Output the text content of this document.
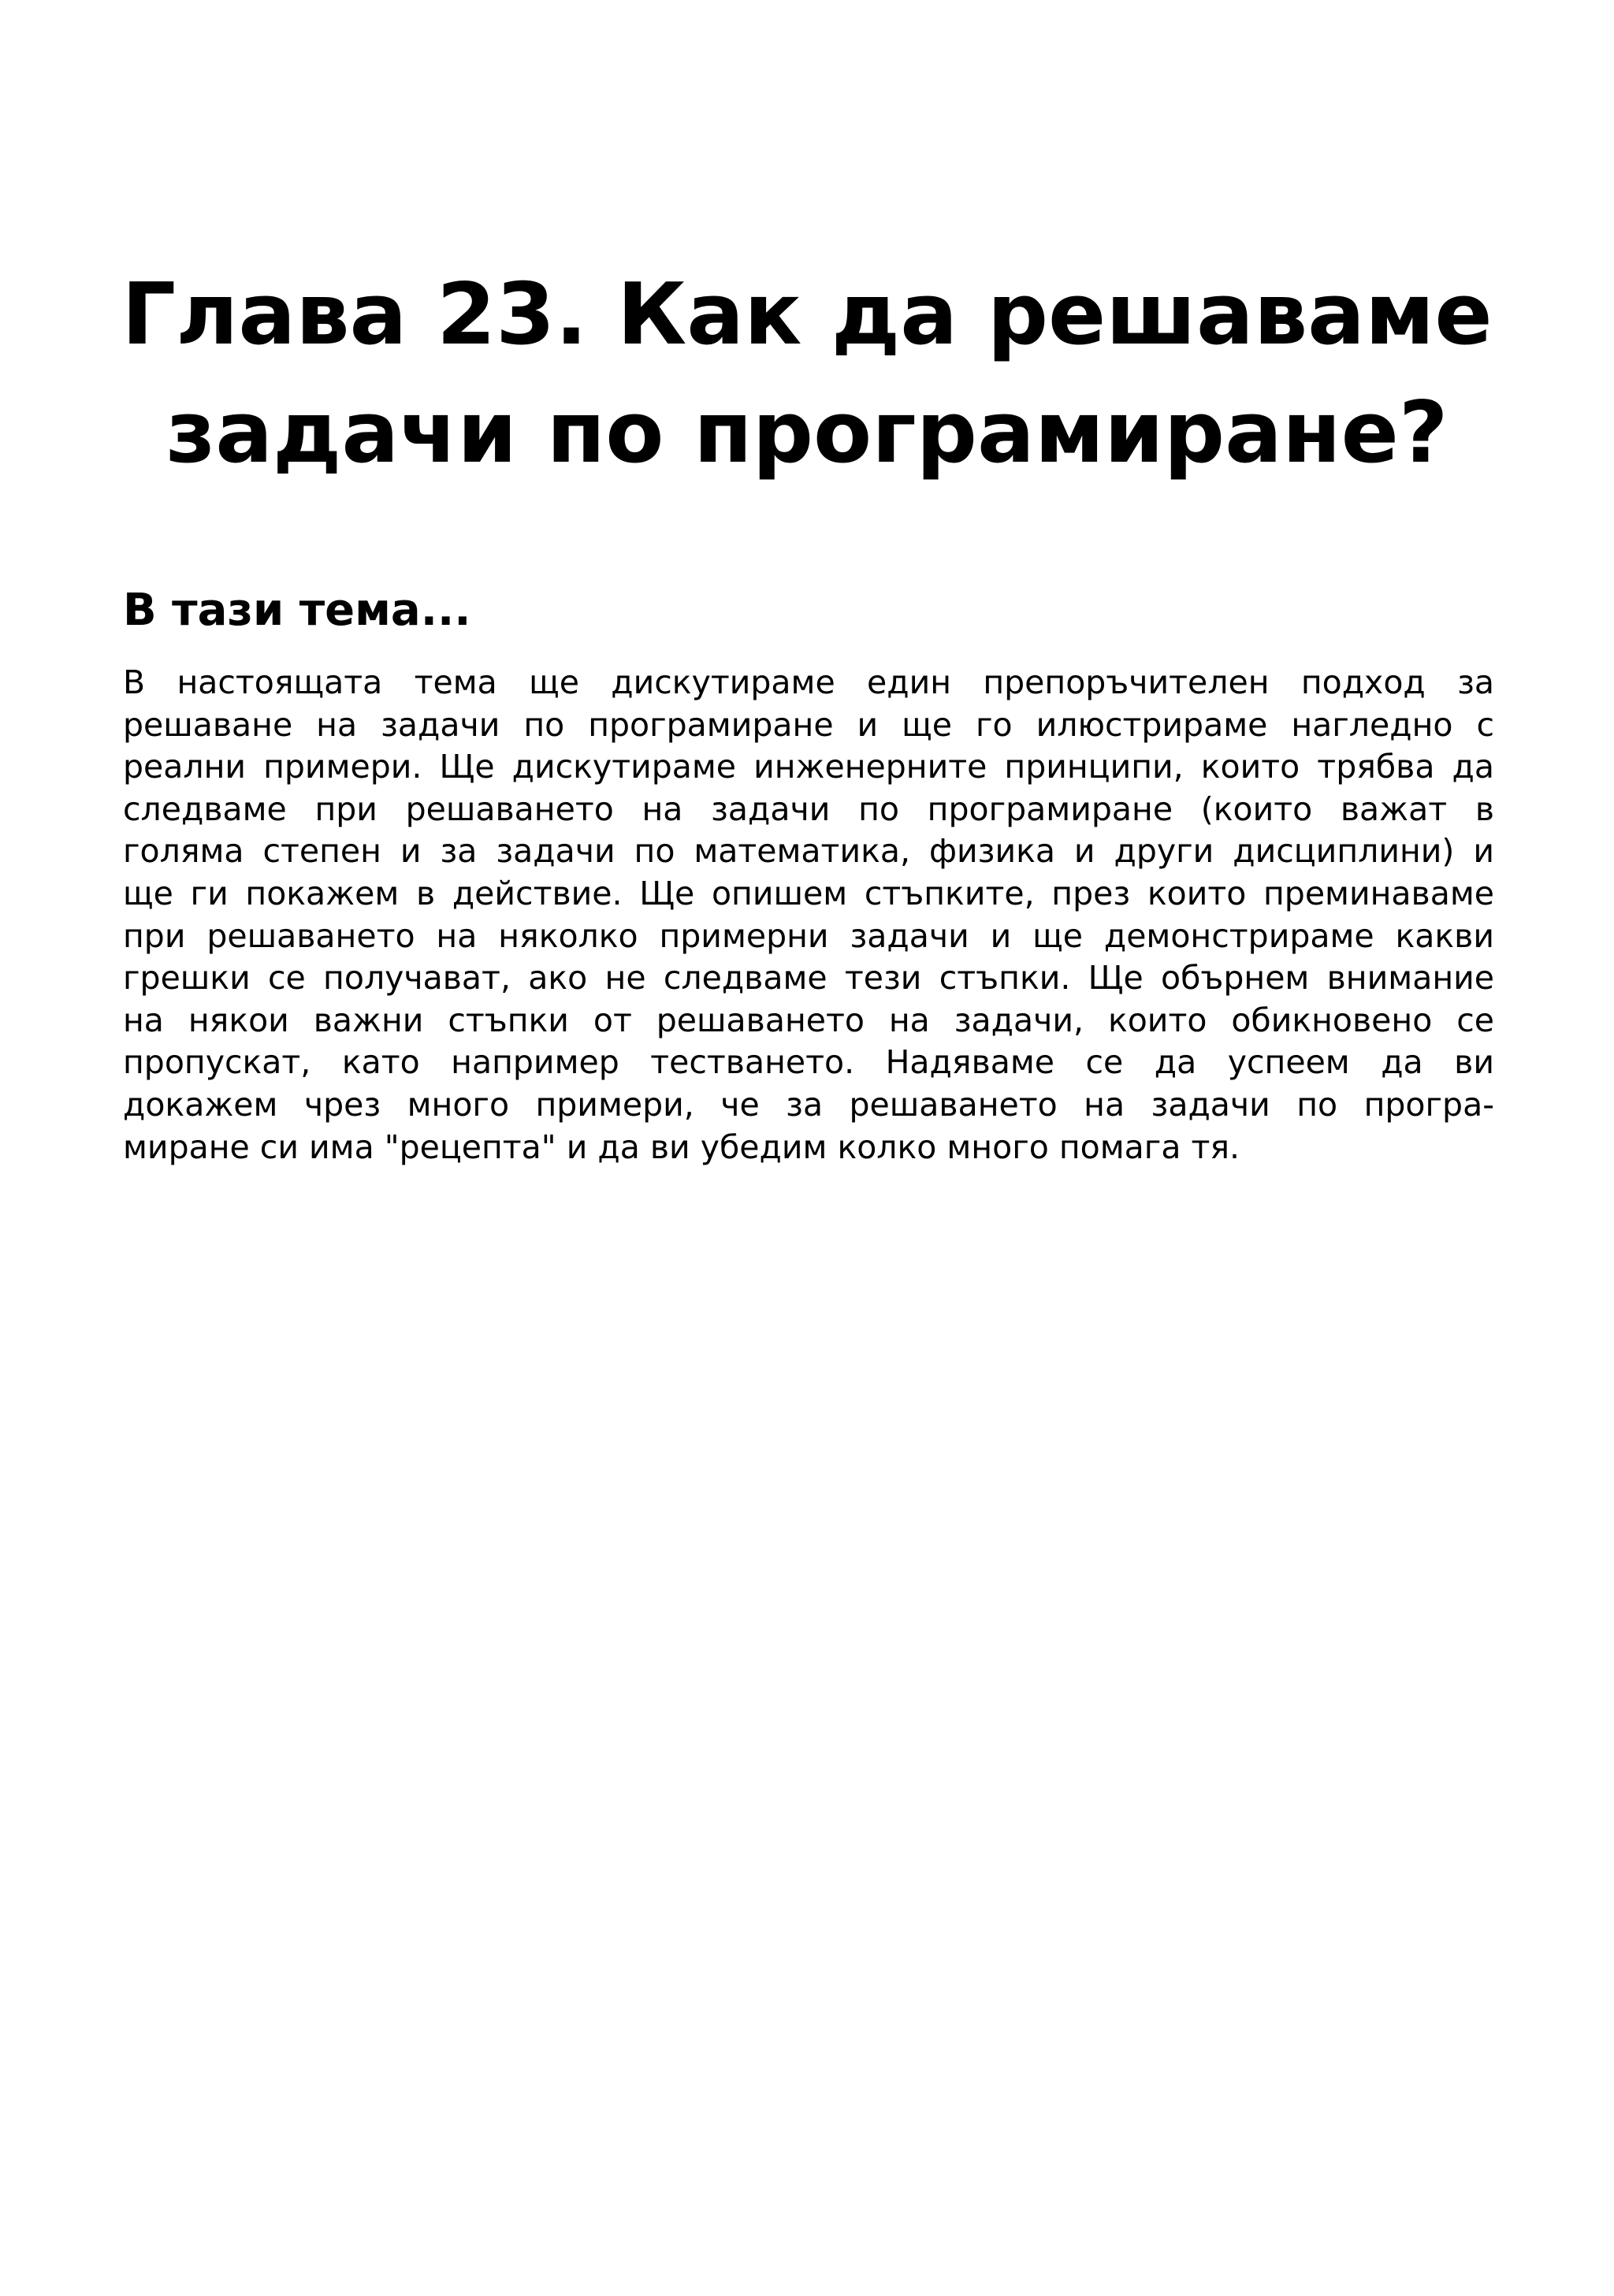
Глава 23. Как да решаваме
задачи по програмиране?
В тази тема...
В настоящата тема ще дискутираме един препоръчителен подход за
решаване на задачи по програмиране и ще го илюстрираме нагледно с
реални примери. Ще дискутираме инженерните принципи, които трябва да
следваме при решаването на задачи по програмиране (които важат в
голяма степен и за задачи по математика, физика и други дисциплини) и
ще ги покажем в действие. Ще опишем стъпките, през които преминаваме
при решаването на няколко примерни задачи и ще демонстрираме какви
грешки се получават, ако не следваме тези стъпки. Ще обърнем внимание
на някои важни стъпки от решаването на задачи, които обикновено се
пропускат, като например тестването. Надяваме се да успеем да ви
докажем чрез много примери, че за решаването на задачи по програ-
миране си има "рецепта" и да ви убедим колко много помага тя.
